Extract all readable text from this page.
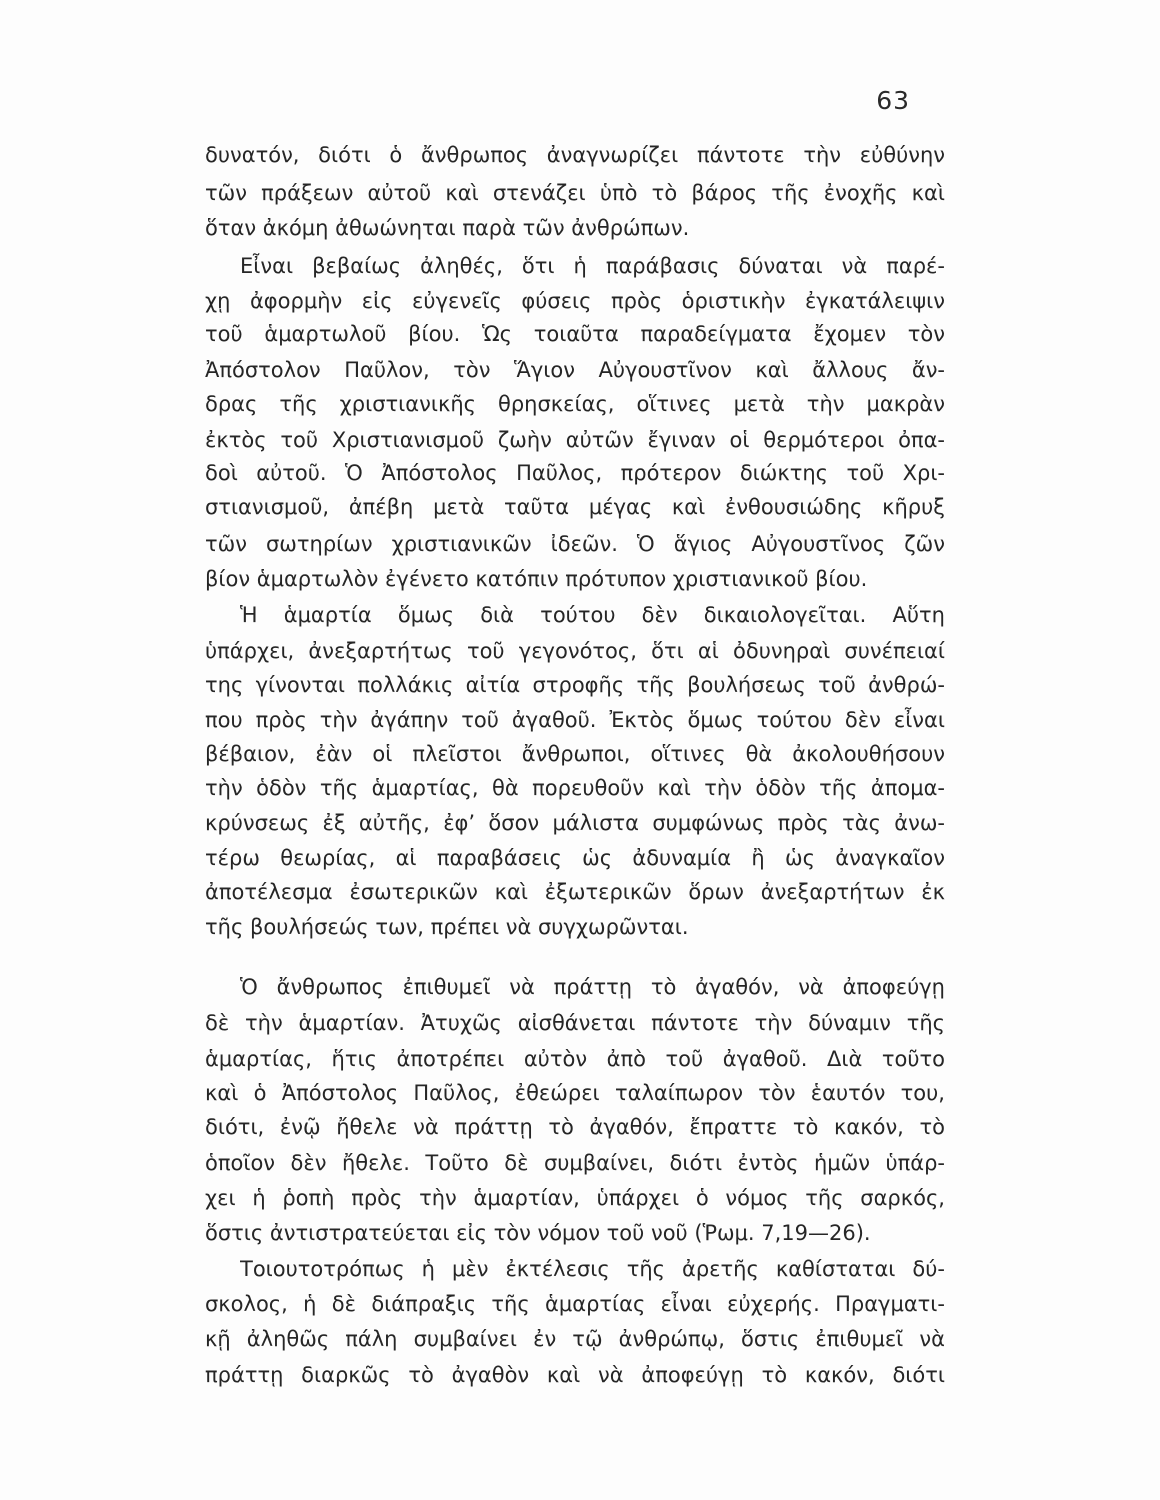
63
δυνατόν, διότι ὁ ἄνθρωπος ἀναγνωρίζει πάντοτε τὴν εὐθύνην
τῶν πράξεων αὐτοῦ καὶ στενάζει ὑπὸ τὸ βάρος τῆς ἐνοχῆς καὶ
ὅταν ἀκόμη ἀθωώνηται παρὰ τῶν ἀνθρώπων.
Εἶναι βεβαίως ἀληθές, ὅτι ἡ παράβασις δύναται νὰ παρέ-
χῃ ἀφορμὴν εἰς εὐγενεῖς φύσεις πρὸς ὁριστικὴν ἐγκατάλειψιν
τοῦ ἁμαρτωλοῦ βίου. Ὡς τοιαῦτα παραδείγματα ἔχομεν τὸν
Ἀπόστολον Παῦλον, τὸν Ἅγιον Αὐγουστῖνον καὶ ἄλλους ἄν-
δρας τῆς χριστιανικῆς θρησκείας, οἵτινες μετὰ τὴν μακρὰν
ἐκτὸς τοῦ Χριστιανισμοῦ ζωὴν αὐτῶν ἔγιναν οἱ θερμότεροι ὀπα-
δοὶ αὐτοῦ. Ὁ Ἀπόστολος Παῦλος, πρότερον διώκτης τοῦ Χρι-
στιανισμοῦ, ἀπέβη μετὰ ταῦτα μέγας καὶ ἐνθουσιώδης κῆρυξ
τῶν σωτηρίων χριστιανικῶν ἰδεῶν. Ὁ ἅγιος Αὐγουστῖνος ζῶν
βίον ἁμαρτωλὸν ἐγένετο κατόπιν πρότυπον χριστιανικοῦ βίου.
Ἡ ἁμαρτία ὅμως διὰ τούτου δὲν δικαιολογεῖται. Αὕτη
ὑπάρχει, ἀνεξαρτήτως τοῦ γεγονότος, ὅτι αἱ ὀδυνηραὶ συνέπειαί
της γίνονται πολλάκις αἰτία στροφῆς τῆς βουλήσεως τοῦ ἀνθρώ-
που πρὸς τὴν ἀγάπην τοῦ ἀγαθοῦ. Ἐκτὸς ὅμως τούτου δὲν εἶναι
βέβαιον, ἐὰν οἱ πλεῖστοι ἄνθρωποι, οἵτινες θὰ ἀκολουθήσουν
τὴν ὁδὸν τῆς ἁμαρτίας, θὰ πορευθοῦν καὶ τὴν ὁδὸν τῆς ἀπομα-
κρύνσεως ἐξ αὐτῆς, ἐφ’ ὅσον μάλιστα συμφώνως πρὸς τὰς ἀνω-
τέρω θεωρίας, αἱ παραβάσεις ὡς ἀδυναμία ἢ ὡς ἀναγκαῖον
ἀποτέλεσμα ἐσωτερικῶν καὶ ἐξωτερικῶν ὅρων ἀνεξαρτήτων ἐκ
τῆς βουλήσεώς των, πρέπει νὰ συγχωρῶνται.
Ὁ ἄνθρωπος ἐπιθυμεῖ νὰ πράττῃ τὸ ἀγαθόν, νὰ ἀποφεύγῃ
δὲ τὴν ἁμαρτίαν. Ἀτυχῶς αἰσθάνεται πάντοτε τὴν δύναμιν τῆς
ἁμαρτίας, ἥτις ἀποτρέπει αὐτὸν ἀπὸ τοῦ ἀγαθοῦ. Διὰ τοῦτο
καὶ ὁ Ἀπόστολος Παῦλος, ἐθεώρει ταλαίπωρον τὸν ἑαυτόν του,
διότι, ἐνῷ ἤθελε νὰ πράττῃ τὸ ἀγαθόν, ἔπραττε τὸ κακόν, τὸ
ὁποῖον δὲν ἤθελε. Τοῦτο δὲ συμβαίνει, διότι ἐντὸς ἡμῶν ὑπάρ-
χει ἡ ῥοπὴ πρὸς τὴν ἁμαρτίαν, ὑπάρχει ὁ νόμος τῆς σαρκός,
ὅστις ἀντιστρατεύεται εἰς τὸν νόμον τοῦ νοῦ (Ῥωμ. 7,19—26).
Τοιουτοτρόπως ἡ μὲν ἐκτέλεσις τῆς ἀρετῆς καθίσταται δύ-
σκολος, ἡ δὲ διάπραξις τῆς ἁμαρτίας εἶναι εὐχερής. Πραγματι-
κῇ ἀληθῶς πάλη συμβαίνει ἐν τῷ ἀνθρώπῳ, ὅστις ἐπιθυμεῖ νὰ
πράττῃ διαρκῶς τὸ ἀγαθὸν καὶ νὰ ἀποφεύγῃ τὸ κακόν, διότι
